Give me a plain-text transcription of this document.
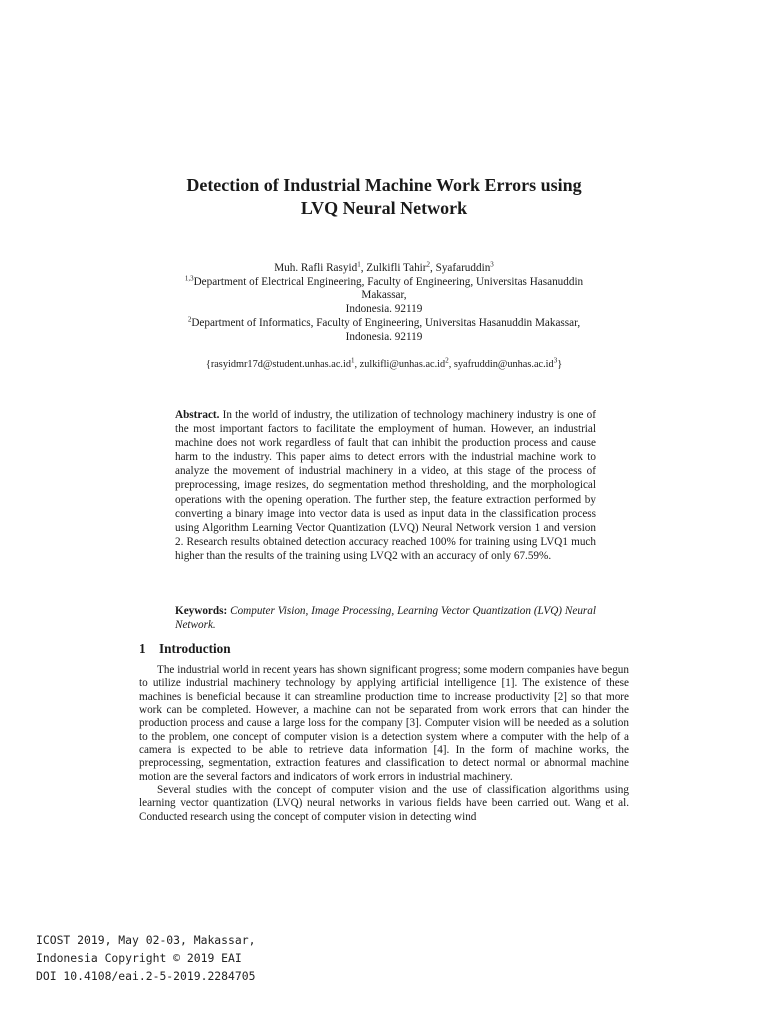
Detection of Industrial Machine Work Errors using
LVQ Neural Network
Muh. Rafli Rasyid$^1$, Zulkifli Tahir$^2$, Syafaruddin$^3$
$^{1,3}$Department of Electrical Engineering, Faculty of Engineering, Universitas Hasanuddin
Makassar,
Indonesia. 92119
$^2$Department of Informatics, Faculty of Engineering, Universitas Hasanuddin Makassar,
Indonesia. 92119
{$rasyidmr17d@student.unhas.ac.id^1$, $zulkifli@unhas.ac.id^2$, $syafruddin@unhas.ac.id^3$}
Abstract. In the world of industry, the utilization of technology machinery industry is one of the most important factors to facilitate the employment of human. However, an industrial machine does not work regardless of fault that can inhibit the production process and cause harm to the industry. This paper aims to detect errors with the industrial machine work to analyze the movement of industrial machinery in a video, at this stage of the process of preprocessing, image resizes, do segmentation method thresholding, and the morphological operations with the opening operation. The further step, the feature extraction performed by converting a binary image into vector data is used as input data in the classification process using Algorithm Learning Vector Quantization (LVQ) Neural Network version 1 and version 2. Research results obtained detection accuracy reached 100% for training using LVQ1 much higher than the results of the training using LVQ2 with an accuracy of only 67.59%.
Keywords: Computer Vision, Image Processing, Learning Vector Quantization (LVQ) Neural Network.
1 Introduction

The industrial world in recent years has shown significant progress; some modern companies have begun to utilize industrial machinery technology by applying artificial intelligence [1]. The existence of these machines is beneficial because it can streamline production time to increase productivity [2] so that more work can be completed. However, a machine can not be separated from work errors that can hinder the production process and cause a large loss for the company [3]. Computer vision will be needed as a solution to the problem, one concept of computer vision is a detection system where a computer with the help of a camera is expected to be able to retrieve data information [4]. In the form of machine works, the preprocessing, segmentation, extraction features and classification to detect normal or abnormal machine motion are the several factors and indicators of work errors in industrial machinery.

Several studies with the concept of computer vision and the use of classification algorithms using learning vector quantization (LVQ) neural networks in various fields have been carried out. Wang et al. Conducted research using the concept of computer vision in detecting wind

ICOST 2019, May 02-03, Makassar,
Indonesia Copyright © 2019 EAI
DOI 10.4108/eai.2-5-2019.2284705
